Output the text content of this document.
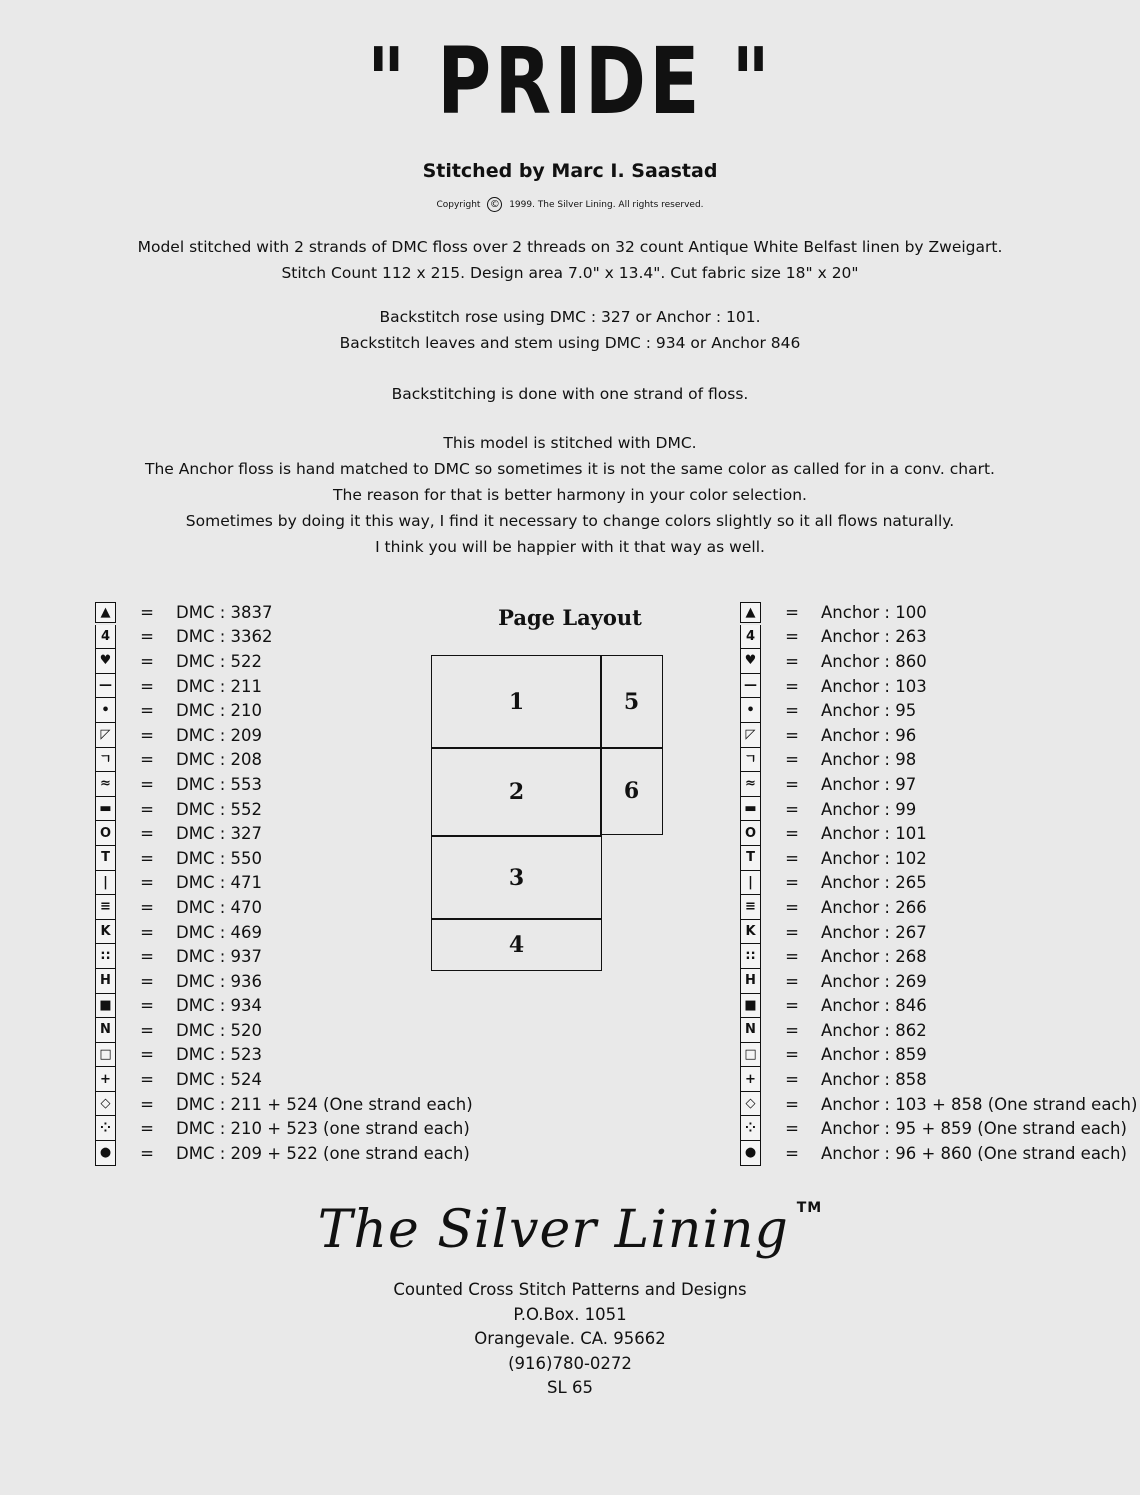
" PRIDE "
Stitched by Marc I. Saastad
Copyright © 1999. The Silver Lining. All rights reserved.
Model stitched with 2 strands of DMC floss over 2 threads on 32 count Antique White Belfast linen by Zweigart.
Stitch Count 112 x 215. Design area 7.0" x 13.4". Cut fabric size 18" x 20"
Backstitch rose using DMC : 327 or Anchor : 101.
Backstitch leaves and stem using DMC : 934 or Anchor 846
Backstitching is done with one strand of floss.
This model is stitched with DMC.
The Anchor floss is hand matched to DMC so sometimes it is not the same color as called for in a conv. chart.
The reason for that is better harmony in your color selection.
Sometimes by doing it this way, I find it necessary to change colors slightly so it all flows naturally.
I think you will be happier with it that way as well.
▲	=	DMC : 3837
4	=	DMC : 3362
♥	=	DMC : 522
—	=	DMC : 211
•	=	DMC : 210
◸	=	DMC : 209
ㄱ	=	DMC : 208
≈	=	DMC : 553
▬	=	DMC : 552
O	=	DMC : 327
T	=	DMC : 550
|	=	DMC : 471
≡	=	DMC : 470
K	=	DMC : 469
∷	=	DMC : 937
H	=	DMC : 936
■	=	DMC : 934
N	=	DMC : 520
□	=	DMC : 523
+	=	DMC : 524
◇	=	DMC : 211 + 524 (One strand each)
⁘	=	DMC : 210 + 523 (one strand each)
●	=	DMC : 209 + 522 (one strand each)
▲	=	Anchor : 100
4	=	Anchor : 263
♥	=	Anchor : 860
—	=	Anchor : 103
•	=	Anchor : 95
◸	=	Anchor : 96
ㄱ	=	Anchor : 98
≈	=	Anchor : 97
▬	=	Anchor : 99
O	=	Anchor : 101
T	=	Anchor : 102
|	=	Anchor : 265
≡	=	Anchor : 266
K	=	Anchor : 267
∷	=	Anchor : 268
H	=	Anchor : 269
■	=	Anchor : 846
N	=	Anchor : 862
□	=	Anchor : 859
+	=	Anchor : 858
◇	=	Anchor : 103 + 858 (One strand each)
⁘	=	Anchor : 95 + 859 (One strand each)
●	=	Anchor : 96 + 860 (One strand each)
Page Layout
1
2
3
4
5
6
The Silver Lining ™
Counted Cross Stitch Patterns and Designs
P.O.Box. 1051
Orangevale. CA. 95662
(916)780-0272
SL 65
